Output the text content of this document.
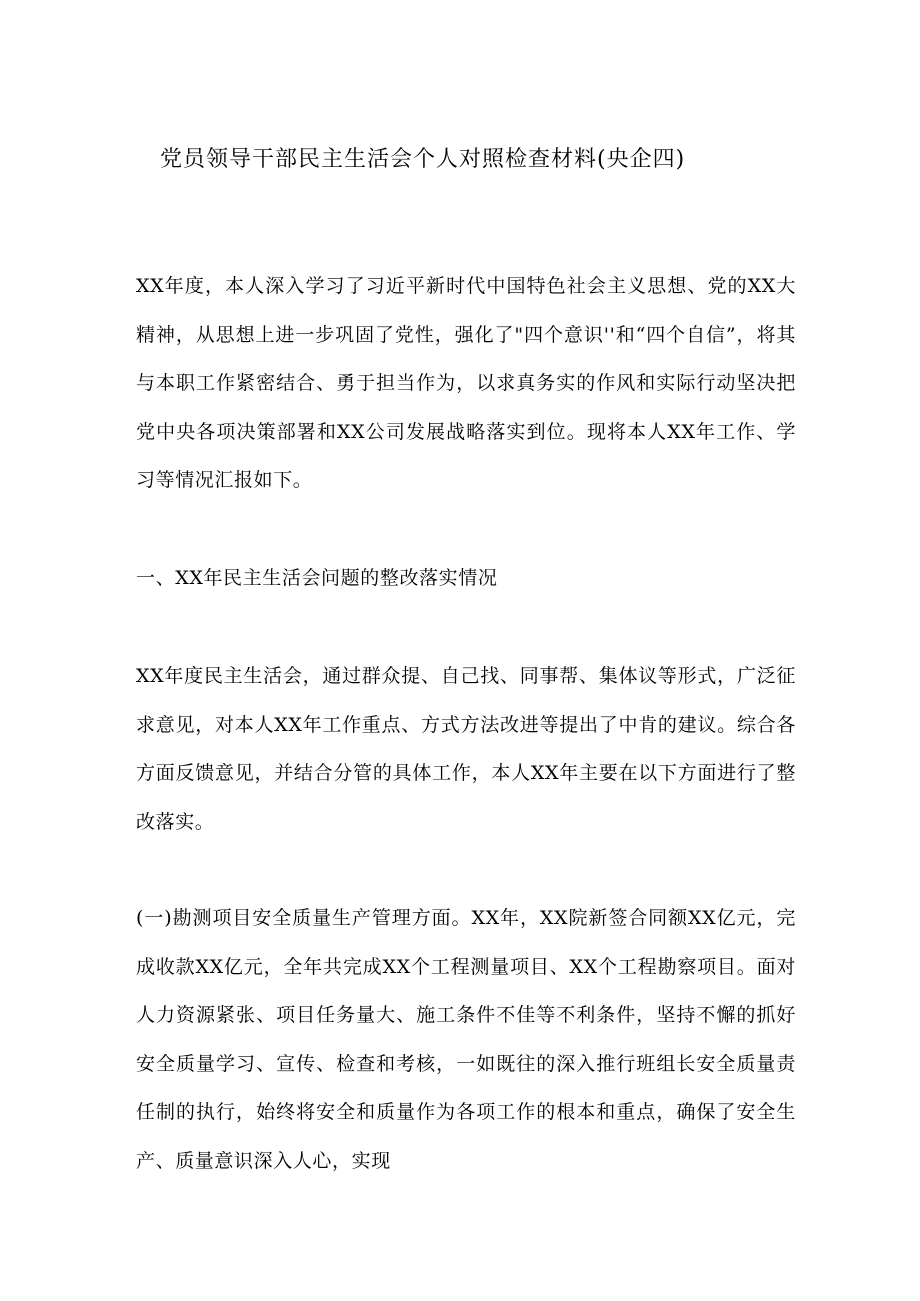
党员领导干部民主生活会个人对照检查材料(央企四)

XX年度，本人深入学习了习近平新时代中国特色社会主义思想、党的XX大精神，从思想上进一步巩固了党性，强化了"四个意识''和“四个自信”，将其与本职工作紧密结合、勇于担当作为，以求真务实的作风和实际行动坚决把党中央各项决策部署和XX公司发展战略落实到位。现将本人XX年工作、学习等情况汇报如下。

一、XX年民主生活会问题的整改落实情况

XX年度民主生活会，通过群众提、自己找、同事帮、集体议等形式，广泛征求意见，对本人XX年工作重点、方式方法改进等提出了中肯的建议。综合各方面反馈意见，并结合分管的具体工作，本人XX年主要在以下方面进行了整改落实。

(一)勘测项目安全质量生产管理方面。XX年，XX院新签合同额XX亿元，完成收款XX亿元，全年共完成XX个工程测量项目、XX个工程勘察项目。面对人力资源紧张、项目任务量大、施工条件不佳等不利条件，坚持不懈的抓好安全质量学习、宣传、检查和考核，一如既往的深入推行班组长安全质量责任制的执行，始终将安全和质量作为各项工作的根本和重点，确保了安全生产、质量意识深入人心，实现
